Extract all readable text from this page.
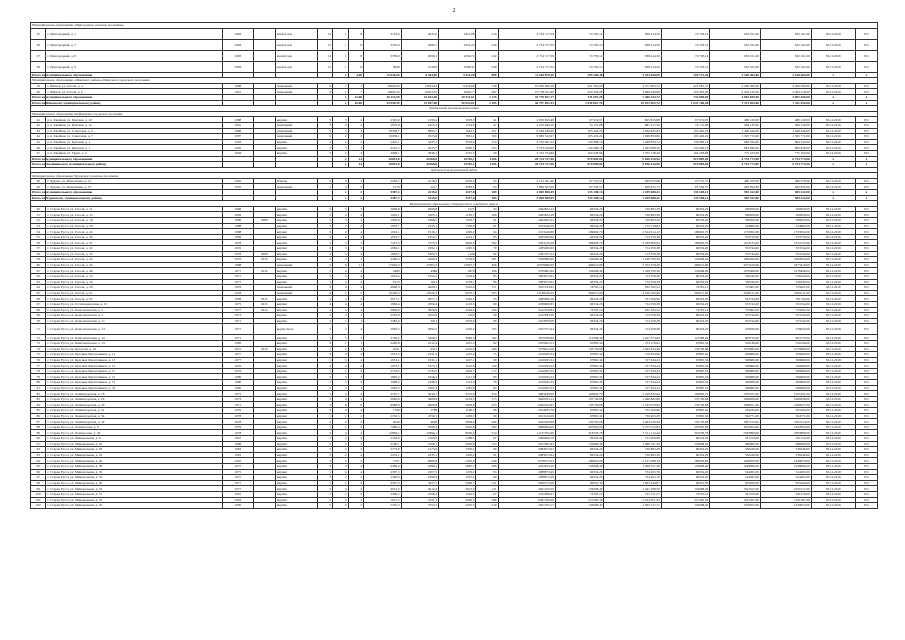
2
Муниципальное образование «Пригородное сельское поселение»																			
35	г. Пригородный, д. 1	1983		жилой дом	12	1	8	3719,9	2047,6	1811,08	214	2 754 717,59	74 795,12	838 414,50	74 793,12	632 101,00	632 101,00	30.12.2019	РО
36	г. Пригородный, д. 7	1983		жилой дом	12	1	8	3705,9	2086,1	2352,22	226	2 754 717,59	74 795,12	838 414,50	74 793,12	632 101,00	632 101,00	30.12.2019	РО
37	г. Пригородный, д. 8	1983		жилой дом	12	1	8	3709,9	2090,1	2259,72	222	2 754 717,59	74 795,12	838 414,50	74 793,12	632 101,00	632 101,00	30.12.2019	РО
38	г. Пригородный, д. 9	1983		жилой дом	12	1	8	3698	2139,8	2588,47	228	2 754 717,59	74 795,12	838 414,50	74 793,12	632 101,00	632 101,00	30.12.2019	РО
Итого по муниципальному образованию						x	4,00	14 836,00	8 364,00	9 011,00	890	11 018 870,36	299 180,48	3 353 658,00	299 172,48	2 528 404,00	2 528 404,00	x	x
Муниципальное образование «Шимского района» Шимского городского поселения																			
39	г. Шимск, ул. Гоголя, д. 4	1988		панельный	9	7	7	16000,00	13654,84	11324,84	728	16 020 009,18	421 361,00	4 371 803,74	421 681,72	2 400 500,00	2 400 500,00	30.12.2019	РО
40	г. Шимск, ул. Гоголя, д. 6	1991		панельный	9	7	7	19664,59	10454,10	9586,77	487	19 758 811,99	320 326,28	3 088 440,98	320 326,28	2 402 150,00	2 402 150,00	30.12.2019	РО
Итого по муниципальному образованию						x	12,00	29 114,59	24 643,60	20 911,61	1 215	35 778 821,17	741 687,28	7 460 244,72	742 008,00	4 802 650,00	4 802 650,00	x	x
Итого по Шимскому муниципальному району						x	16,00	43 950,59	33 007,60	29 922,61	2 105	46 797 691,53	1 040 867,76	10 813 902,72	1 041 180,48	7 331 054,00	7 331 054,00	x	x
Хвойнинский муниципальный район																			
Муниципальное образование Хвойнинское городское поселение																			
41	р.п. Хвойная, ул. Красная, д. 10	1988		кирпич	5	3	4	2391,9	2193,4	1818,5	41	2 050 845,48	67 931,97	825 825,88	67 931,97	480 120,00	480 120,00	30.12.2019	РО
42	р.п. Хвойная, ул. Красная, д. 12	1991		панельный	5	4	4	2670,8	2455,5	1724,6	47	2 232 099,10	74 131,08	881 317,50	74 131,08	484 130,00	484 130,00	30.12.2019	РО
43	р.п. Хвойная, ул. Советская, д. 5	1986		панельный	5	3	3	10338,7	8993,7	7642,1	251	9 536 180,96	195 429,24	1 930 925,94	195 429,24	1 448 440,00	1 448 440,00	30.12.2019	РО
44	р.п. Хвойная, ул. Советская, д. 7	1987		панельный	5	2	2	10638,1	9323,8	7681,1	300	9 982 522,97	195 429,24	1 946 859,80	195 429,24	1 395 772,00	1 395 772,00	30.12.2019	РО
45	р.п. Хвойная, ул. Красная, д. 1	1993		кирпич	5	2	3	5435,1	5437,1	3793,0	170	4 732 091,32	130 286,16	1 268 859,72	130 286,16	964 344,00	964 344,00	30.12.2019	РО
46	р.п. Хвойная, ул. Красная, д. 1	1992		кирпич	5	3	3	4252,5	4253,7	3000,3	163	3 703 030,99	130 286,16	1 293 086,16	130 286,16	983 830,00	983 830,00	30.12.2019	РО
47	р.п. Хвойная, ул. Труда, д. 2	1994		кирпич	5	2	3	3909,1	3838,1	2721,5	50	3 519 754,86	104 228,96	1 075 138,20	104 228,96	775 163,00	775 163,00	30.12.2019	РО
Итого по муниципальному образованию						x	14	42851,8	42268,8	22782,1	1206	28 734 727,98	919 809,00	9 836 416,90	919 809,00	6 754 773,00	6 754 773,00	x	x
Итого по Хвойнинскому муниципальному району						x	14	42851,8	42268,8	22782,1	1206	28 734 727,98	919 809,00	9 836 416,90	919 809,00	6 754 773,00	6 754 773,00	x	x
Чудовский муниципальный район																			
Муниципальное образование Чудовское городское поселение																			
48	г. Чудово, ул. Вокзальная, д. 12	1962		Панель	5	3	3	2264,7	2218,6	2030,2	95	2 101 501,40	67 551,57	630 072,68	67 551,57	490 370,00	490 370,00	30.12.2019	РО
49	г. Чудово, ул. Вокзальная, д. 15	1970		панельный	5	3	3	2179	2217	2083,6	94	1 899 307,09	67 556,57	629 615,73	67 556,57	492 852,00	492 852,00	30.12.2019	РО
Итого по муниципальному образованию						x	2	3387,3	4135,6	4117,8	189	4 000 808,49	135 108,14	1 259 688,41	135 108,14	983 222,00	983 222,00	x	x
Итого по Чудовскому муниципальному району						x	2	3387,3	4135,6	4117,8	189	4 000 808,49	135 108,14	1 259 688,41	135 108,14	983 222,00	983 222,00	x	x
Муниципальное образование Старорусского городского округа																			
50	г. Старая Русса, ул. Гоголя, д. 11	1968		кирпич	5	3	3	2096,8	2096,8	1221	50	2402822,14	66334,20	720 863,39	66334,20	560659,00	560659,00	30.12.2019	РО
51	г. Старая Русса, ул. Гоголя, д. 13	1983		кирпич	5	4	4	1905,1	1905,1	1165,7	108	2402822,28	66334,20	720 863,39	66334,20	560659,00	560659,00	30.12.2019	РО
52	г. Старая Русса, ул. Гоголя, д. 18	1986	2008	кирпич	5	3	3	1956,6	1908,5	1303,7	91	2402822,22	66336,20	720 863,39	66336,20	560659,00	560659,00	30.12.2019	РО
53	г. Старая Русса, ул. Гоголя, д. 20	1988		кирпич	5	2	2	1853,7	1935,1	1350,9	81	2103246,50	66334,20	714 718,84	66334,20	524900,00	524900,00	30.12.2019	РО
54	г. Старая Русса, ул. Гоголя, д. 24	1988		кирпич	5	4	4	1916,1	1916,1	1290,2	94	2103246,88	199692,70	2 524 914,12	199692,70	1733952,00	1733952,00	30.12.2019	РО
55	г. Старая Русса, ул. Гоголя, д. 30	1983		кирпич	5	4	4	1954,7	1954,7	1214,7	85	2285266,90	66334,20	714 358,38	66334,20	553750,00	553750,00	30.12.2019	РО
56	г. Старая Русса, ул. Гоголя, д. 31	1978		кирпич	5	3	3	7473,5	7473,5	4802,6	302	5091130,38	199692,70	2 439 669,04	199692,70	1253133,00	1253133,00	30.12.2019	РО
57	г. Старая Русса, ул. Гоголя, д. 32	1991		кирпич	5	3	3	1982,1	1982,1	1205,6	79	2285266,90	66334,20	714 358,38	66334,20	553744,00	553744,00	30.12.2019	РО
58	г. Старая Русса, ул. Гоголя, д. 33	1976	2008	кирпич	5	3	3	1863,5	1863,5	1199	92	2381767,24	66334,20	714 358,38	66334,20	553744,00	553744,00	30.12.2019	РО
59	г. Старая Русса, ул. Гоголя, д. 42	1976	2010	кирпич	5	3	3	4469,3	4469,3	2794,9	201	3590806,60	132668,40	1 438 700,36	132668,40	1082034,00	1082034,00	30.12.2019	РО
60	г. Старая Русса, ул. Гоголя, д. 45	1988		панельный	5	6	11	17603,3	17603,3	13697,7	846	16559680,60	469021,80	5 073 378,26	469021,80	3473419,00	3473419,00	30.12.2019	РО
61	г. Старая Русса, ул. Гоголя, д. 49	1977	2012	кирпич	5	4	4	4489	4489	2879	186	3795862,96	132668,40	1 438 700,36	132668,40	1076499,00	1076499,00	30.12.2019	РО
62	г. Старая Русса, ул. Гоголя, д. 54	1977		кирпич	5	4	4	1954,4	1954,4	1256,4	85	2083972,92	66334,20	714 358,38	66334,20	536249,00	536249,00	30.12.2019	РО
63	г. Старая Русса, ул. Гоголя, д. 56	1977		кирпич	5	4	4	1913	1913	1278,1	86	2083972,92	66334,20	714 358,38	66334,20	536249,00	536249,00	30.12.2019	РО
64	г. Старая Русса, ул. Гоголя, д. 59	1976		панельный	9	4	4	4000,3	4000,3	2322,8	171	3187243,82	74795,12	932 182,52	74795,12	725001,00	725001,00	30.11.2019	РО
65	г. Старая Русса, ул. Гоголя, д. 61	1978		панельный	9	5	5	10226,3	10226,3	6935,1	395	13146246,24	362071,00	4 528 160,90	362071,00	2929111,00	2929111,00	30.12.2019	РО
66	г. Старая Русса, ул. Гоголя, д. 65	1984	2012	кирпич	5	2	2	2077,1	2077,1	1262,5	53	2085966,18	66334,20	721 996,96	66334,20	591724,00	591724,00	30.12.2019	РО
67	г. Старая Русса, ул. Гостинодворская, д. 15	1975	2015	кирпич	4	4	4	1860,4	1860,4	1129,3	69	2038960,85	66334,20	714 358,38	66334,20	553744,00	553744,00	30.12.2019	РО
68	г. Старая Русса, ул. Комсомольская, д. 2	1977	2014	кирпич	5	3	3	3826,9	3826,9	2249,5	160	3147476,84	74795,12	932 182,52	74795,12	725001,00	725001,00	30.12.2019	РО
69	г. Старая Русса, ул. Комсомольская, д. 5	1973		кирпич	5	3	3	2203,9	2203,9	1405	90	2147834,38	66334,20	714 358,38	66334,20	553744,00	553744,00	30.12.2019	РО
70	г. Старая Русса, ул. Комсомольская, д. 11	1971		кирпич	5	1	1	2382,6	2011	1979,6	99	2163878,08	66334,20	714 358,38	66334,20	553744,00	553744,00	30.12.2019	РО
71	г. Старая Русса, ул. Комсомольская, д. 13	1977		крупноблоч.	5	4	4	2092,5	2092,5	1295,2	105	2197751,04	66334,20	714 358,38	66334,20	558020,00	558020,00	30.12.2019	РО
72	г. Старая Русса, ул. Комсомольская, д. 16	1971		кирпич	5	3	3	3709,2	3409,5	3096,5	182	3679786,98	112398,40	1 427 373,08	112398,40	963770,00	963770,00	30.12.2019	РО
73	г. Старая Русса, ул. Комсомольская, д. 19	1982		кирпич	9	1	1	2296,8	2312,4	1915,5	82	2165822,53	67865,34	753 176,92	67865,34	550149,00	550149,00	30.12.2019	РО
74	г. Старая Русса, пр. Кутузова, д. 16	1972	2010	кирпич	5	4	4	4321	4321	2235,6	168	3278422,38	135730,68	1 565 834,48	135730,68	1079084,00	1079084,00	30.12.2019	РО
75	г. Старая Русса, ул. Красных Фронтовиков, д. 11	1977		кирпич	5	4	4	1931,5	1931,5	1225,4	75	2410295,34	67865,34	710 854,90	67865,34	569669,00	569669,00	30.12.2019	РО
76	г. Старая Русса, ул. Красных Фронтовиков, д. 13	1977		кирпич	5	4	4	1931,1	1931,1	1227,1	99	2410295,34	67865,34	727 634,24	67865,34	569669,00	569669,00	30.12.2019	РО
77	г. Старая Русса, ул. Красных Фронтовиков, д. 15	1976		кирпич	5	4	4	1973,1	1973,1	1192,8	100	2410295,34	67865,34	727 634,24	67865,34	569669,00	569669,00	30.12.2019	РО
78	г. Старая Русса, ул. Красных Фронтовиков, д. 17	1976		кирпич	5	4	4	2734,5	2734,5	1649,7	115	2410295,34	67865,34	727 634,24	67865,34	569669,00	569669,00	30.12.2019	РО
79	г. Старая Русса, ул. Красных Фронтовиков, д. 21	1980		кирпич	5	3	3	1826,4	1826,4	1111,9	80	2410295,34	67865,34	727 634,24	67865,34	569669,00	569669,00	30.12.2019	РО
80	г. Старая Русса, ул. Красных Фронтовиков, д. 31	1980		кирпич	5	3	3	1998,2	1998,2	1112,6	78	2410295,34	67865,34	727 634,24	67865,34	569669,00	569669,00	30.12.2019	РО
81	г. Старая Русса, ул. Красных Фронтовиков, д. 33	1985		кирпич	5	3	3	1963,3	1963,3	1281,6	84	2410295,34	67865,34	727 634,24	67865,34	569669,00	569669,00	30.12.2019	РО
82	г. Старая Русса, ул. Ленинградская, д. 18	1975		кирпич	5	4	4	3745,7	3040,7	2235,6	234	4063449,98	193862,70	2 246 832,94	193862,70	1595101,00	1595101,00	30.12.2019	РО
83	г. Старая Русса, ул. Ленинградская, д. 20	1973		кирпич	5	4	4	3669,8	3669,8	2143,5	175	3629765,14	137730,68	1 460 882,80	137730,68	1066958,00	1066958,00	30.12.2019	РО
84	г. Старая Русса, ул. Ленинградская, д. 30	1971		кирпич	5	8	8	9068,8	9068,8	5993,8	255	6562322,65	135730,68	1 533 970,90	135730,68	1066971,00	1066971,00	30.12.2019	РО
85	г. Старая Русса, ул. Ленинградская, д. 31	1979		кирпич	5	4	4	1789	1789	1180,5	68	2014635,70	67865,34	724 560,86	67865,34	563184,00	563184,00	30.12.2019	РО
86	г. Старая Русса, ул. Ленинградская, д. 34	1978		кирпич	5	2	2	2350,5	2350,5	1436,5	99	2013116,29	67865,34	736 463,28	67865,34	564771,00	564771,00	30.12.2019	РО
87	г. Старая Русса, ул. Ленинградская, д. 36	1978		кирпич	5	2	2	4640	4640	2838,6	206	4181020,88	135730,68	1 464 316,94	135730,68	1097213,00	1097213,00	30.12.2019	РО
88	г. Старая Русса, ул. Ломоносова, д. 9	1979		кирпич	5	4	4	7080,4	7080,4	4345,8	300	6080994,06	207995,06	2 277 012,84	207995,06	1652854,00	1652854,00	30.12.2019	РО
89	г. Старая Русса, ул. Ломоносова, д. 20	1978		кирпич	5	4	4	12894,1	12894,1	8046,4	514	11137702,46	316530,78	3 511 114,44	316530,78	2583898,00	2583898,00	30.12.2019	РО
90	г. Старая Русса, ул. Минеральная, д. 6	1967		кирпич	5	4	4	2163,9	2163,9	1288,5	87	2085966,18	66334,20	721 996,96	66334,20	591724,00	591724,00	30.12.2019	РО
91	г. Старая Русса, ул. Минеральная, д. 16	1968		кирпич	5	2	2	3160,1	3160,1	2026,6	153	3017981,82	132668,40	1 468 531,58	132668,40	980000,00	980000,00	30.12.2019	РО
92	г. Старая Русса, ул. Минеральная, д. 20	1983		кирпич	5	4	4	2173,9	2173,9	1330,4	80	2083972,92	66334,20	720 863,39	66334,20	536249,00	536249,00	30.12.2019	РО
93	г. Старая Русса, ул. Минеральная, д. 22	1981		кирпич	5	2	2	2235,1	2235,1	1405,2	91	2083972,92	66334,20	720 863,39	66334,20	536249,00	536249,00	30.12.2019	РО
94	г. Старая Русса, ул. Минеральная, д. 26	1987		кирпич	5	2	2	7197	6880,6	5402,6	348	6378571,04	199002,60	2 131 088,14	199002,60	1648970,00	1648970,00	30.12.2019	РО
95	г. Старая Русса, ул. Минеральная, д. 30	1975		кирпич	5	4	4	4389,4	4389,4	2685,7	208	4192453,20	132668,40	1 468 531,58	132668,40	1048966,00	1048966,00	30.12.2019	РО
96	г. Старая Русса, ул. Минеральная, д. 32	1975		кирпич	5	4	4	2307,5	2307,5	1479,2	93	2088873,49	66334,20	734 265,79	66334,20	524495,00	524495,00	30.12.2019	РО
97	г. Старая Русса, ул. Минеральная, д. 33	1977		кирпич	5	2	2	2390,9	2390,9	1507,4	90	2088873,49	66334,20	734 265,79	66334,20	524495,00	524495,00	30.12.2019	РО
98	г. Старая Русса, ул. Минеральная, д. 36	1977		кирпич	5	4	4	3457,5	3457,5	2090,7	131	2826573,28	99501,30	1 065 544,07	99501,30	835209,00	835209,00	30.12.2019	РО
99	г. Старая Русса, ул. Минеральная, д. 43	1977		кирпич	5	4	4	4612,4	4612,4	2913,4	211	4261220,50	132668,40	1 441 398,50	132668,40	1021917,00	1021917,00	30.12.2019	РО
100	г. Старая Русса, ул. Минеральная, д. 51	1981		кирпич	5	2	2	2396,2	2396,2	1542,3	97	2331898,91	73795,12	733 171,57	73795,12	561370,00	561370,00	30.12.2019	РО
101	г. Старая Русса, ул. Минеральная, д. 53	1983		кирпич	5	2	2	7021,3	7021,3	4299,7	286	6561799,06	221385,36	2 244 951,45	221385,36	1591397,00	1591397,00	30.12.2019	РО
102	г. Старая Русса, ул. Минеральная, д. 55	1985		кирпич	5	2	2	5355,3	5355,3	3455,5	219	5051703,17	132668,40	1 593 157,71	132668,40	1359972,00	1359972,00	30.12.2019	РО
